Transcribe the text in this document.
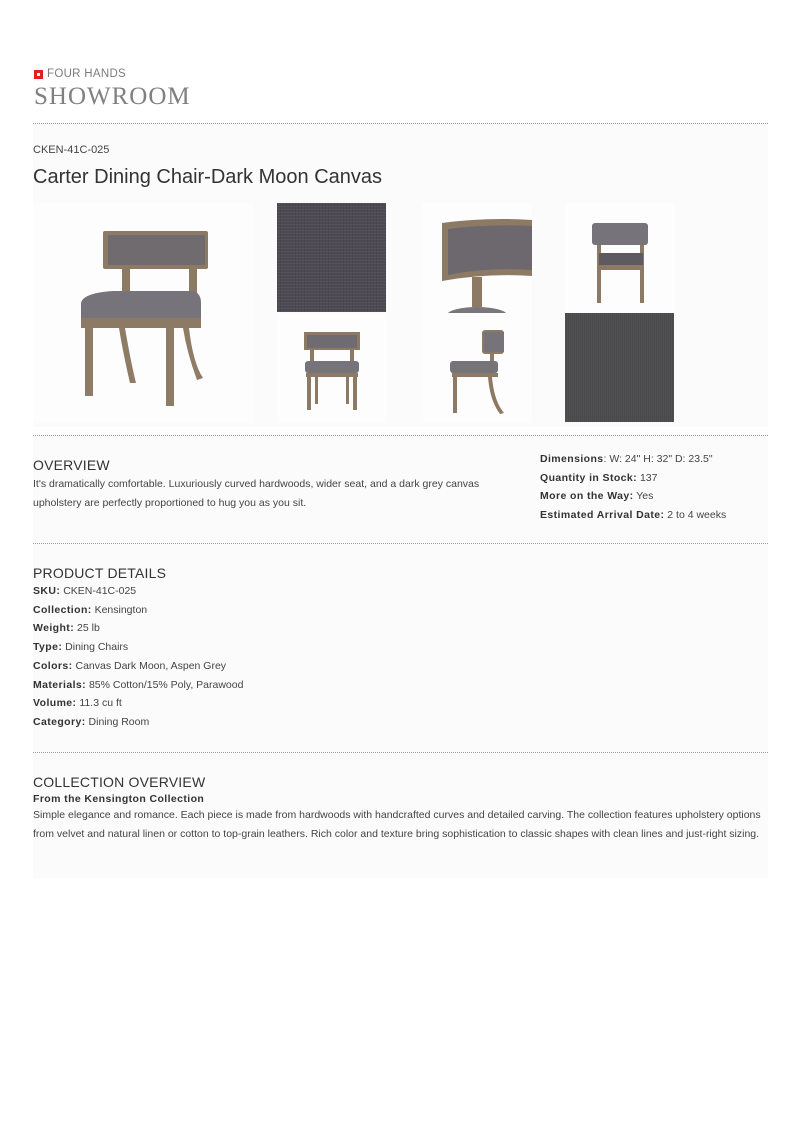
FOUR HANDS
SHOWROOM
CKEN-41C-025
Carter Dining Chair-Dark Moon Canvas
OVERVIEW

It's dramatically comfortable. Luxuriously curved hardwoods, wider seat, and a dark grey canvas upholstery are perfectly proportioned to hug you as you sit.

Dimensions: W: 24" H: 32" D: 23.5"
Quantity in Stock: 137
More on the Way: Yes
Estimated Arrival Date: 2 to 4 weeks
PRODUCT DETAILS
SKU: CKEN-41C-025
Collection: Kensington
Weight: 25 lb
Type: Dining Chairs
Colors: Canvas Dark Moon, Aspen Grey
Materials: 85% Cotton/15% Poly, Parawood
Volume: 11.3 cu ft
Category: Dining Room
COLLECTION OVERVIEW
From the Kensington Collection

Simple elegance and romance. Each piece is made from hardwoods with handcrafted curves and detailed carving. The collection features upholstery options from velvet and natural linen or cotton to top-grain leathers. Rich color and texture bring sophistication to classic shapes with clean lines and just-right sizing.
